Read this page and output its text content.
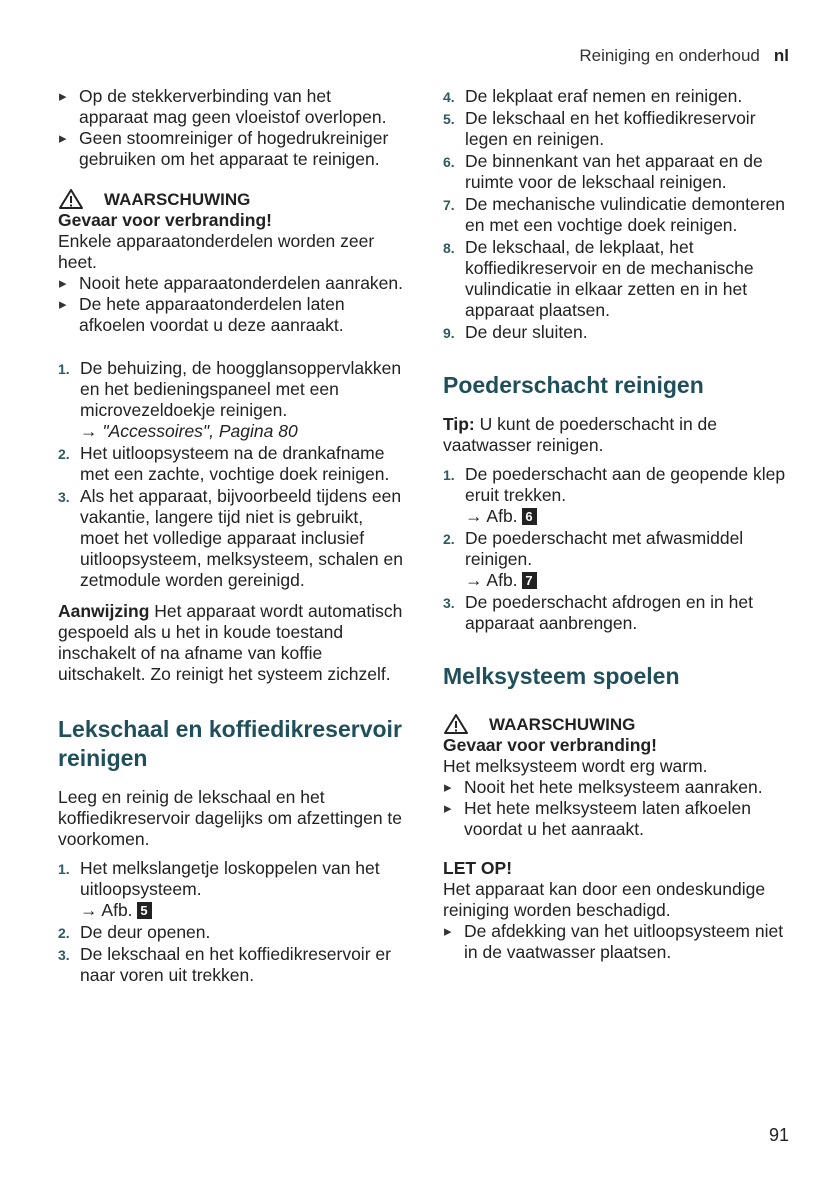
Reiniging en onderhoud nl

▸ Op de stekkerverbinding van het apparaat mag geen vloeistof overlopen.

▸ Geen stoomreiniger of hogedrukreiniger gebruiken om het apparaat te reinigen.

WAARSCHUWING

Gevaar voor verbranding!

Enkele apparaatonderdelen worden zeer heet.

▸ Nooit hete apparaatonderdelen aanraken.

▸ De hete apparaatonderdelen laten afkoelen voordat u deze aanraakt.

1. De behuizing, de hoogglansoppervlakken en het bedieningspaneel met een microvezeldoekje reinigen.
→ "Accessoires", Pagina 80
2. Het uitloopsysteem na de drankafname met een zachte, vochtige doek reinigen.
3. Als het apparaat, bijvoorbeeld tijdens een vakantie, langere tijd niet is gebruikt, moet het volledige apparaat inclusief uitloopsysteem, melksysteem, schalen en zetmodule worden gereinigd.

Aanwijzing Het apparaat wordt automatisch gespoeld als u het in koude toestand inschakelt of na afname van koffie uitschakelt. Zo reinigt het systeem zichzelf.

Lekschaal en koffiedikreservoir reinigen

Leeg en reinig de lekschaal en het koffiedikreservoir dagelijks om afzettingen te voorkomen.

1. Het melkslangetje loskoppelen van het uitloopsysteem.
→ Afb. 5
2. De deur openen.
3. De lekschaal en het koffiedikreservoir er naar voren uit trekken.
4. De lekplaat eraf nemen en reinigen.
5. De lekschaal en het koffiedikreservoir legen en reinigen.
6. De binnenkant van het apparaat en de ruimte voor de lekschaal reinigen.
7. De mechanische vulindicatie demonteren en met een vochtige doek reinigen.
8. De lekschaal, de lekplaat, het koffiedikreservoir en de mechanische vulindicatie in elkaar zetten en in het apparaat plaatsen.
9. De deur sluiten.
Poederschacht reinigen

Tip: U kunt de poederschacht in de vaatwasser reinigen.

1. De poederschacht aan de geopende klep eruit trekken.
→ Afb. 6
2. De poederschacht met afwasmiddel reinigen.
→ Afb. 7
3. De poederschacht afdrogen en in het apparaat aanbrengen.
Melksysteem spoelen
WAARSCHUWING

Gevaar voor verbranding!

Het melksysteem wordt erg warm.

▸ Nooit het hete melksysteem aanraken.

▸ Het hete melksysteem laten afkoelen voordat u het aanraakt.

LET OP!

Het apparaat kan door een ondeskundige reiniging worden beschadigd.

▸ De afdekking van het uitloopsysteem niet in de vaatwasser plaatsen.

91
